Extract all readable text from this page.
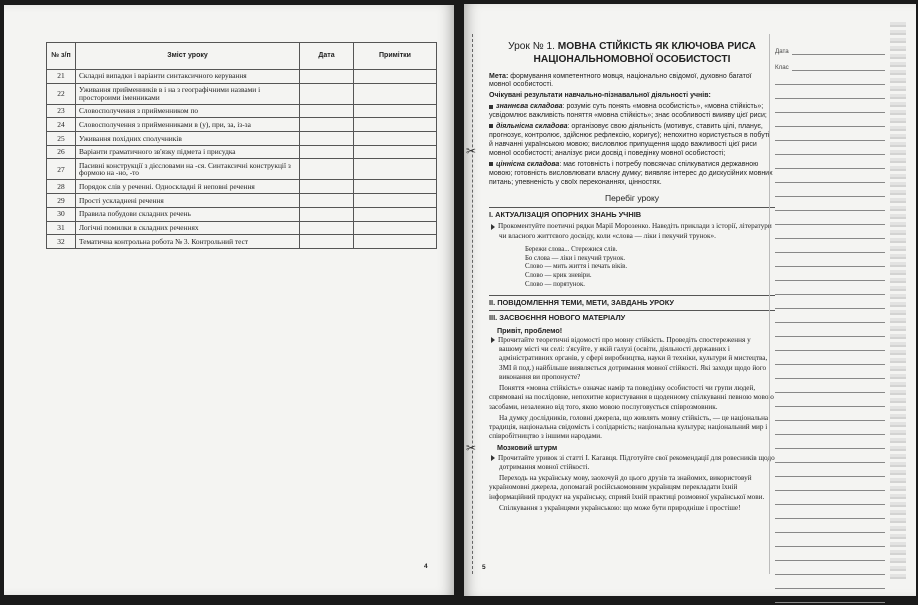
№ з/п	Зміст уроку	Дата	Примітки
21	Складні випадки і варіанти синтаксичного керування		
22	Уживання прийменників в і на з географічними назвами і простороими іменниками		
23	Словосполучення з прийменником по		
24	Словосполучення з прийменниками в (у), при, за, із-за		
25	Уживання похідних сполучників		
26	Варіанти граматичного зв'язку підмета і присудка		
27	Пасивні конструкції з дієсловами на -ся. Синтаксичні конструкції з формою на -но, -то		
28	Порядок слів у реченні. Односкладні й неповні речення		
29	Прості ускладнені речення		
30	Правила побудови складних речень		
31	Логічні помилки в складних реченнях		
32	Тематична контрольна робота № 3. Контрольний тест		
4
✂
✂
Урок № 1. МОВНА СТІЙКІСТЬ ЯК КЛЮЧОВА РИСА НАЦІОНАЛЬНОМОВНОЇ ОСОБИСТОСТІ
Мета: формування компетентного мовця, національно свідомої, духовно багатої мовної особистості.
Очікувані результати навчально-пізнавальної діяльності учнів:
знаннєва складова: розуміє суть понять «мовна особистість», «мовна стійкість»; усвідомлює важливість поняття «мовна стійкість»; знає особливості виияву цієї риси;
діяльнісна складова: організовує свою діяльність (мотивує, ставить цілі, планує, прогнозує, контролює, здійснює рефлексію, коригує); непохитно користується в побуті й навчанні українською мовою; висловлює припущення щодо важливості цієї риси мовної особистості; аналізує риси досвід і поведінку мовної особистості;
ціннісна складова: має готовність і потребу повсякчас спілкуватися державною мовою; готовність висловлювати власну думку; виявляє інтерес до дискусійних мовних питань; упевненість у своїх переконаннях, цінностях.
Перебіг уроку
І. АКТУАЛІЗАЦІЯ ОПОРНИХ ЗНАНЬ УЧНІВ
Прокоментуйте поетичні рядки Марії Морозенко. Наведіть приклади з історії, літератури чи власного життєвого досвіду, коли «слова — ліки і пекучий трунок».
Бережи слова... Стережися слів.
Бо слова — ліки і пекучий трунок.
Слово — мить життя і печать віків.
Слово — крик зневіри.
Слово — порятунок.
ІІ. ПОВІДОМЛЕННЯ ТЕМИ, МЕТИ, ЗАВДАНЬ УРОКУ
ІІІ. ЗАСВОЄННЯ НОВОГО МАТЕРІАЛУ
Привіт, проблемо!
Прочитайте теоретичні відомості про мовну стійкість. Проведіть спостереження у вашому місті чи селі: з'ясуйте, у якій галузі (освіти, діяльності державних і адміністративних органів, у сфері виробництва, науки й техніки, культури й мистецтва, ЗМІ й под.) найбільше виявляється дотримання мовної стійкості. Які заходи щодо його виконання ви пропонуєте?
Поняття «мовна стійкість» означає намір та поведінку особистості чи групи людей, спрямовані на послідовне, непохитне користування в щоденному спілкуванні певною мовою засобами, незалежно від того, якою мовою послуговується співрозмовник.
На думку дослідників, головні джерела, що живлять мовну стійкість, — це національна традиція, національна свідомість і солідарність; національна культура; національний мир і співробітництво з іншими народами.
Мозковий штурм
Прочитайте уривок зі статті І. Кагавця. Підготуйте свої рекомендації для ровесників щодо дотримання мовної стійкості.
Переходь на українську мову, заохочуй до цього друзів та знайомих, використовуй україномовні джерела, допомагай російськомовним українцям перекладати їхній інформаційний продукт на українську, сприяй їхній практиці розмовної української мови.
Спілкування з українцями українською: що може бути природніше і простіше!
Дата
Клас
5
